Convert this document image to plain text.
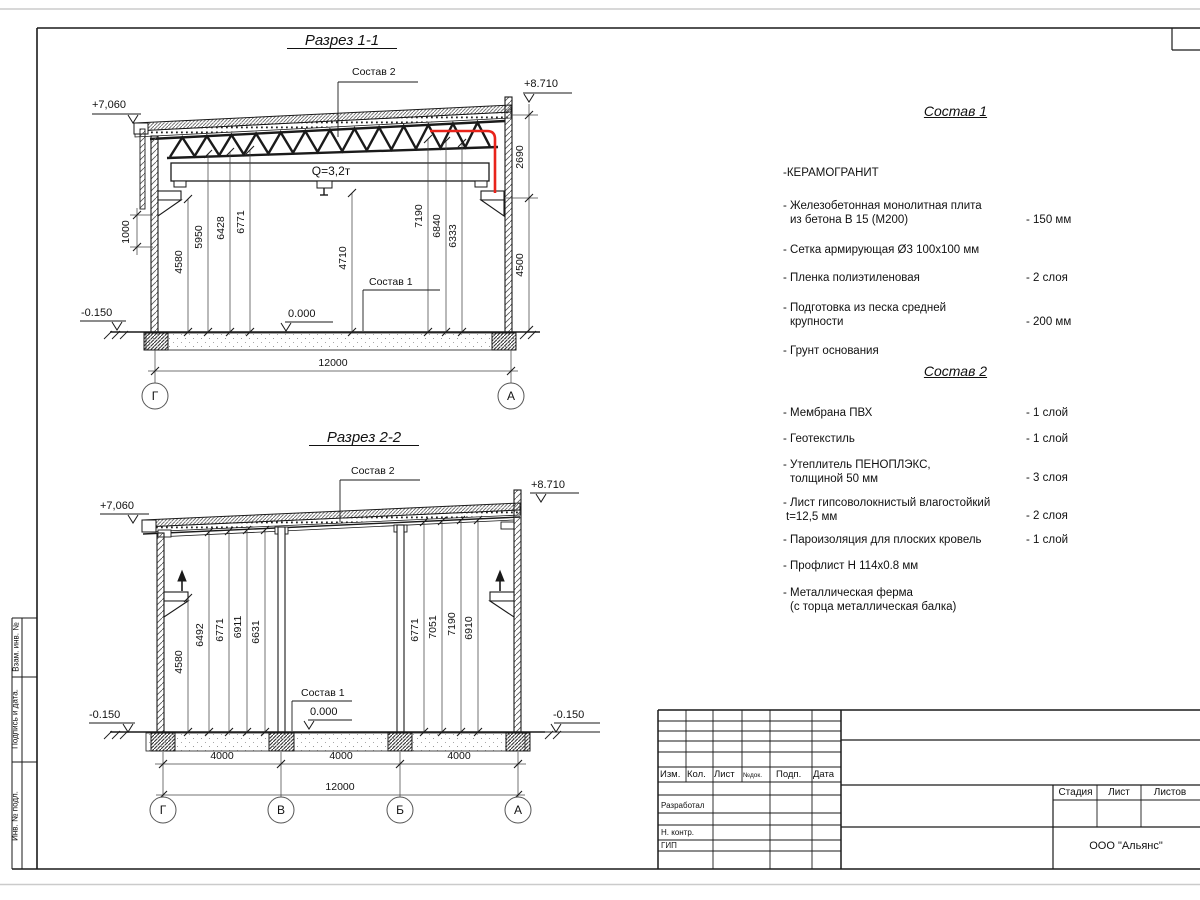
Разрез 1-1
Состав 2
Состав 1
+7,060
+8.710
0.000
-0.150
Q=3,2т
1000
2690
4500
4580
5950 6428 6771
4710
7190 6840 6333
12000
Г	А
Разрез 2-2
Состав 2
Состав 1
+7,060
+8.710
0.000
-0.150	-0.150
4580
6492 6771 6911 6631	6771 7051 7190 6910
4000	4000	4000
12000
Г	В	Б	А
Состав 1
-КЕРАМОГРАНИТ
- Железобетонная монолитная плита
из бетона В 15 (М200)	- 150 мм
- Сетка армирующая Ø3 100x100 мм
- Пленка полиэтиленовая	- 2 слоя
- Подготовка из песка средней
крупности	- 200 мм
- Грунт основания
Состав 2
- Мембрана ПВХ	- 1 слой
- Геотекстиль	- 1 слой
- Утеплитель ПЕНОПЛЭКС,
толщиной 50 мм	- 3 слоя
- Лист гипсоволокнистый влагостойкий
t=12,5 мм	- 2 слоя
- Пароизоляция для плоских кровель	- 1 слой
- Профлист Н 114х0.8 мм
- Металлическая ферма
(с торца металлическая балка)
Взам. инв. №
Подпись и дата.
Инв. № подл.
Изм. Кол. Лист №док. Подп. Дата
Разработал
Н. контр.
ГИП
Стадия	Лист	Листов
ООО "Альянс"
